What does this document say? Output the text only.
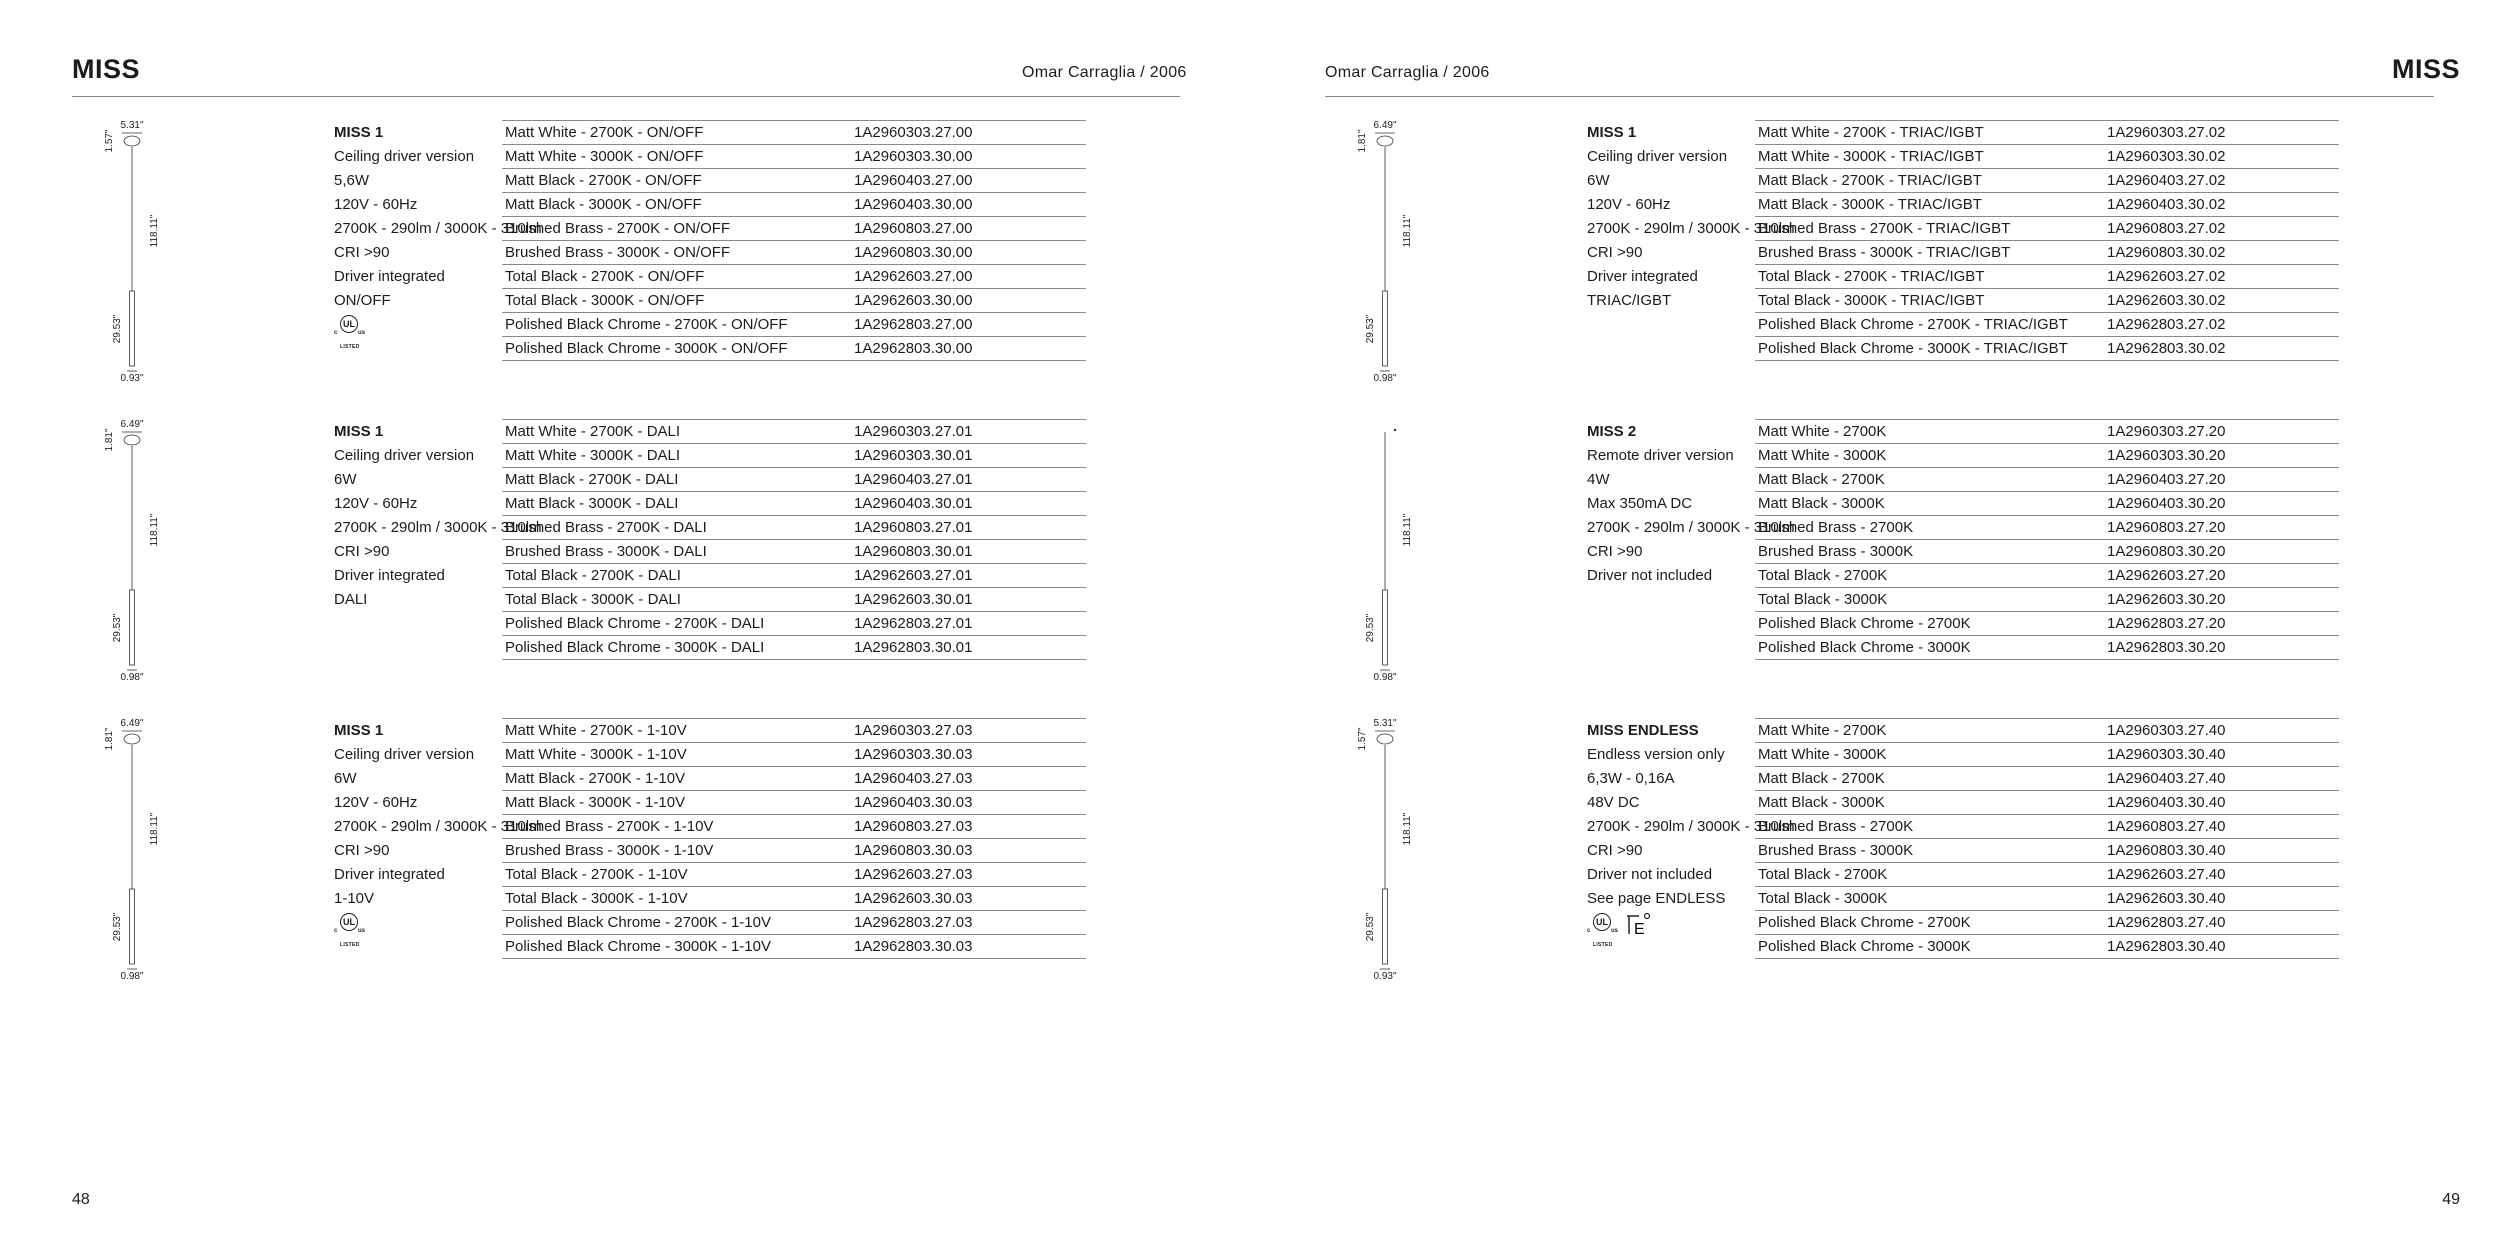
MISS	Omar Carraglia / 2006
5.31"
1.57"
118.11"
29.53"
0.93"
MISS 1
Ceiling driver version
5,6W
120V - 60Hz
2700K - 290lm / 3000K - 310lm
CRI >90
Driver integrated
ON/OFF
c
UL
us
LISTED
Matt White - 2700K - ON/OFF	1A2960303.27.00
Matt White - 3000K - ON/OFF	1A2960303.30.00
Matt Black - 2700K - ON/OFF	1A2960403.27.00
Matt Black - 3000K - ON/OFF	1A2960403.30.00
Brushed Brass - 2700K - ON/OFF	1A2960803.27.00
Brushed Brass - 3000K - ON/OFF	1A2960803.30.00
Total Black - 2700K - ON/OFF	1A2962603.27.00
Total Black - 3000K - ON/OFF	1A2962603.30.00
Polished Black Chrome - 2700K - ON/OFF	1A2962803.27.00
Polished Black Chrome - 3000K - ON/OFF	1A2962803.30.00
6.49"
1.81"
118.11"
29.53"
0.98"
MISS 1
Ceiling driver version
6W
120V - 60Hz
2700K - 290lm / 3000K - 310lm
CRI >90
Driver integrated
DALI
Matt White - 2700K - DALI	1A2960303.27.01
Matt White - 3000K - DALI	1A2960303.30.01
Matt Black - 2700K - DALI	1A2960403.27.01
Matt Black - 3000K - DALI	1A2960403.30.01
Brushed Brass - 2700K - DALI	1A2960803.27.01
Brushed Brass - 3000K - DALI	1A2960803.30.01
Total Black - 2700K - DALI	1A2962603.27.01
Total Black - 3000K - DALI	1A2962603.30.01
Polished Black Chrome - 2700K - DALI	1A2962803.27.01
Polished Black Chrome - 3000K - DALI	1A2962803.30.01
6.49"
1.81"
118.11"
29.53"
0.98"
MISS 1
Ceiling driver version
6W
120V - 60Hz
2700K - 290lm / 3000K - 310lm
CRI >90
Driver integrated
1-10V
c
UL
us
LISTED
Matt White - 2700K - 1-10V	1A2960303.27.03
Matt White - 3000K - 1-10V	1A2960303.30.03
Matt Black - 2700K - 1-10V	1A2960403.27.03
Matt Black - 3000K - 1-10V	1A2960403.30.03
Brushed Brass - 2700K - 1-10V	1A2960803.27.03
Brushed Brass - 3000K - 1-10V	1A2960803.30.03
Total Black - 2700K - 1-10V	1A2962603.27.03
Total Black - 3000K - 1-10V	1A2962603.30.03
Polished Black Chrome - 2700K - 1-10V	1A2962803.27.03
Polished Black Chrome - 3000K - 1-10V	1A2962803.30.03
48
Omar Carraglia / 2006	MISS
6.49"
1.81"
118.11"
29.53"
0.98"
MISS 1
Ceiling driver version
6W
120V - 60Hz
2700K - 290lm / 3000K - 310lm
CRI >90
Driver integrated
TRIAC/IGBT
Matt White - 2700K - TRIAC/IGBT	1A2960303.27.02
Matt White - 3000K - TRIAC/IGBT	1A2960303.30.02
Matt Black - 2700K - TRIAC/IGBT	1A2960403.27.02
Matt Black - 3000K - TRIAC/IGBT	1A2960403.30.02
Brushed Brass - 2700K - TRIAC/IGBT	1A2960803.27.02
Brushed Brass - 3000K - TRIAC/IGBT	1A2960803.30.02
Total Black - 2700K - TRIAC/IGBT	1A2962603.27.02
Total Black - 3000K - TRIAC/IGBT	1A2962603.30.02
Polished Black Chrome - 2700K - TRIAC/IGBT	1A2962803.27.02
Polished Black Chrome - 3000K - TRIAC/IGBT	1A2962803.30.02
118.11"
29.53"
0.98"
MISS 2
Remote driver version
4W
Max 350mA DC
2700K - 290lm / 3000K - 310lm
CRI >90
Driver not included
Matt White - 2700K	1A2960303.27.20
Matt White - 3000K	1A2960303.30.20
Matt Black - 2700K	1A2960403.27.20
Matt Black - 3000K	1A2960403.30.20
Brushed Brass - 2700K	1A2960803.27.20
Brushed Brass - 3000K	1A2960803.30.20
Total Black - 2700K	1A2962603.27.20
Total Black - 3000K	1A2962603.30.20
Polished Black Chrome - 2700K	1A2962803.27.20
Polished Black Chrome - 3000K	1A2962803.30.20
5.31"
1.57"
118.11"
29.53"
0.93"
MISS ENDLESS
Endless version only
6,3W - 0,16A
48V DC
2700K - 290lm / 3000K - 310lm
CRI >90
Driver not included
See page ENDLESS
c
UL
us
LISTED
E
Matt White - 2700K	1A2960303.27.40
Matt White - 3000K	1A2960303.30.40
Matt Black - 2700K	1A2960403.27.40
Matt Black - 3000K	1A2960403.30.40
Brushed Brass - 2700K	1A2960803.27.40
Brushed Brass - 3000K	1A2960803.30.40
Total Black - 2700K	1A2962603.27.40
Total Black - 3000K	1A2962603.30.40
Polished Black Chrome - 2700K	1A2962803.27.40
Polished Black Chrome - 3000K	1A2962803.30.40
49
